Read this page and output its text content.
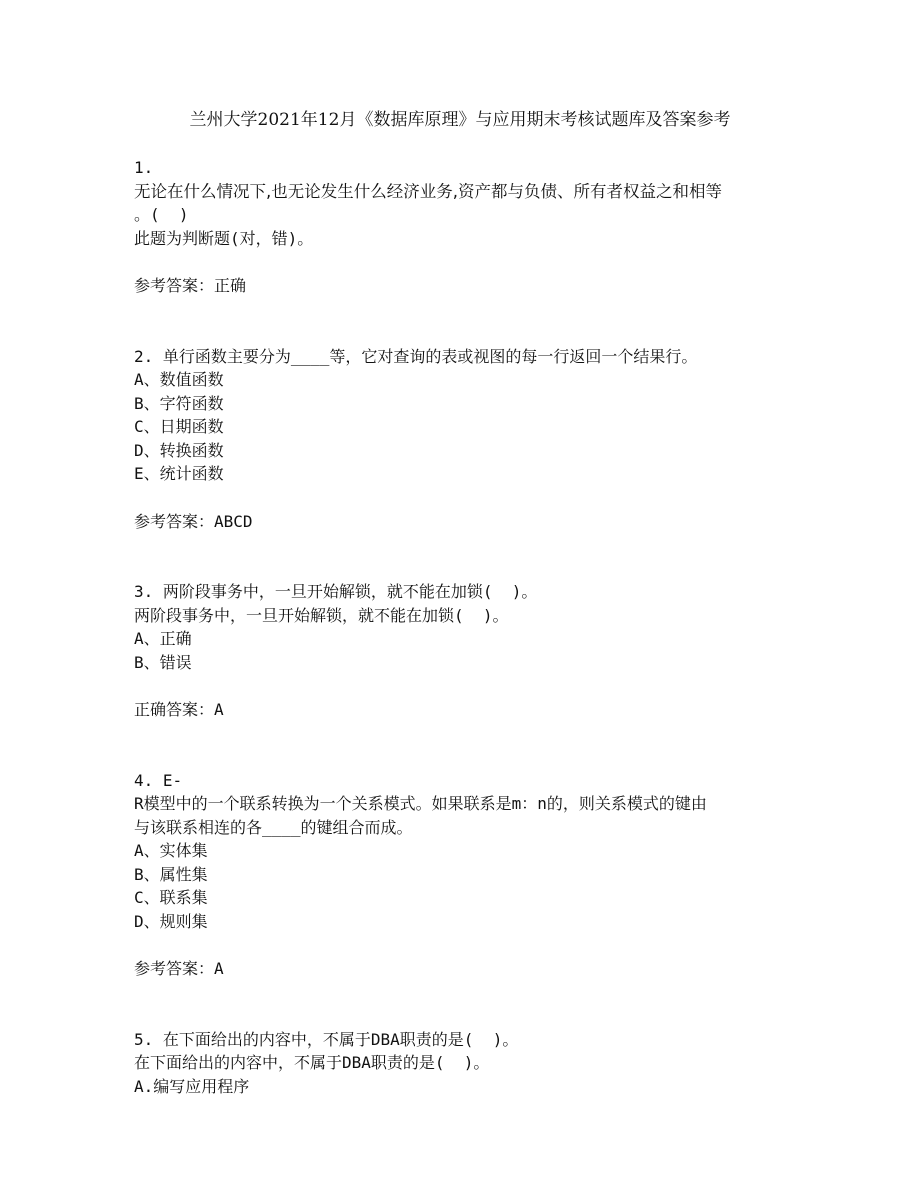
兰州大学2021年12月《数据库原理》与应用期末考核试题库及答案参考
1.
无论在什么情况下,也无论发生什么经济业务,资产都与负债、所有者权益之和相等
。(  )
此题为判断题(对，错)。
参考答案：正确
2. 单行函数主要分为____等，它对查询的表或视图的每一行返回一个结果行。
A、数值函数
B、字符函数
C、日期函数
D、转换函数
E、统计函数
参考答案：ABCD
3. 两阶段事务中，一旦开始解锁，就不能在加锁(  )。
两阶段事务中，一旦开始解锁，就不能在加锁(  )。
A、正确
B、错误
正确答案：A
4. E-
R模型中的一个联系转换为一个关系模式。如果联系是m：n的，则关系模式的键由
与该联系相连的各____的键组合而成。
A、实体集
B、属性集
C、联系集
D、规则集
参考答案：A
5. 在下面给出的内容中，不属于DBA职责的是(  )。
在下面给出的内容中，不属于DBA职责的是(  )。
A.编写应用程序
